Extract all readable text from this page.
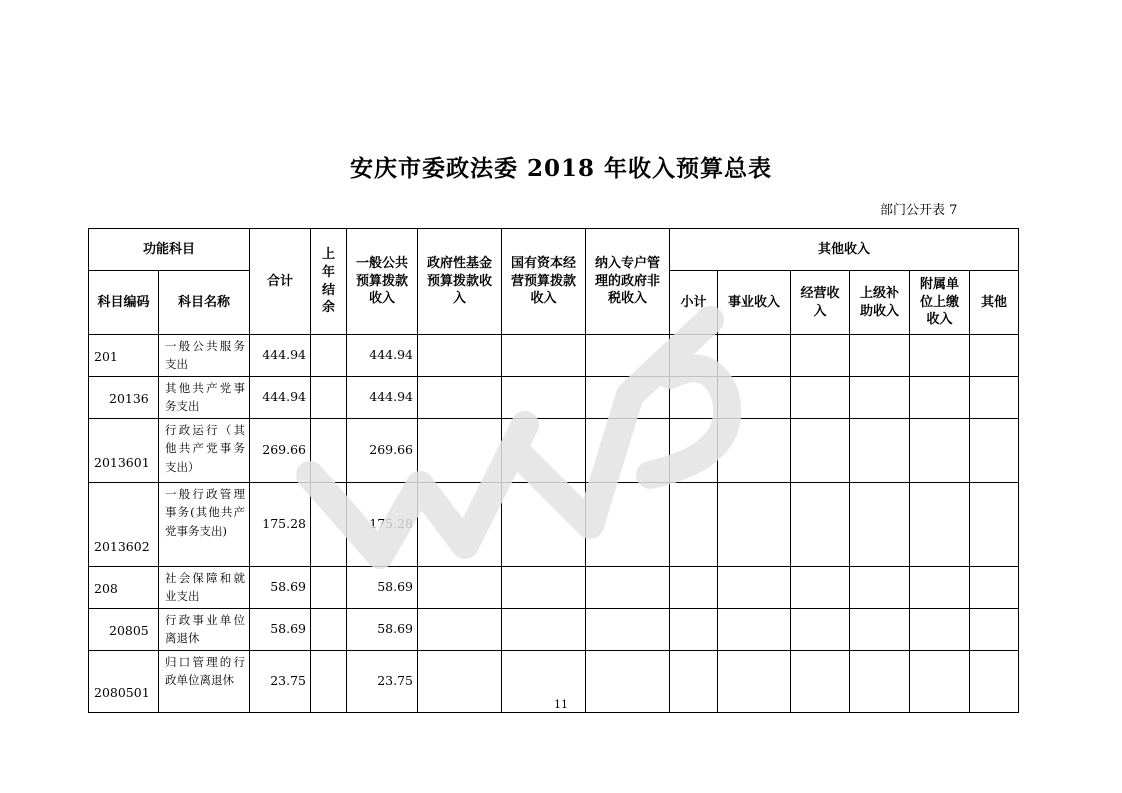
安庆市委政法委 2018 年收入预算总表
部门公开表 7
功能科目		合计	上年结余	一般公共预算拨款收入	政府性基金预算拨款收入	国有资本经营预算拨款收入	纳入专户管理的政府非税收入	其他收入					
科目编码	科目名称							小计	事业收入	经营收入	上级补助收入	附属单位上缴收入	其他
201	一般公共服务支出	444.94		444.94									
20136	其他共产党事务支出	444.94		444.94									
2013601	行政运行（其他共产党事务支出）	269.66		269.66									
2013602	一般行政管理事务(其他共产党事务支出)	175.28		175.28									
208	社会保障和就业支出	58.69		58.69									
20805	行政事业单位离退休	58.69		58.69									
2080501	归口管理的行政单位离退休	23.75		23.75									
11
